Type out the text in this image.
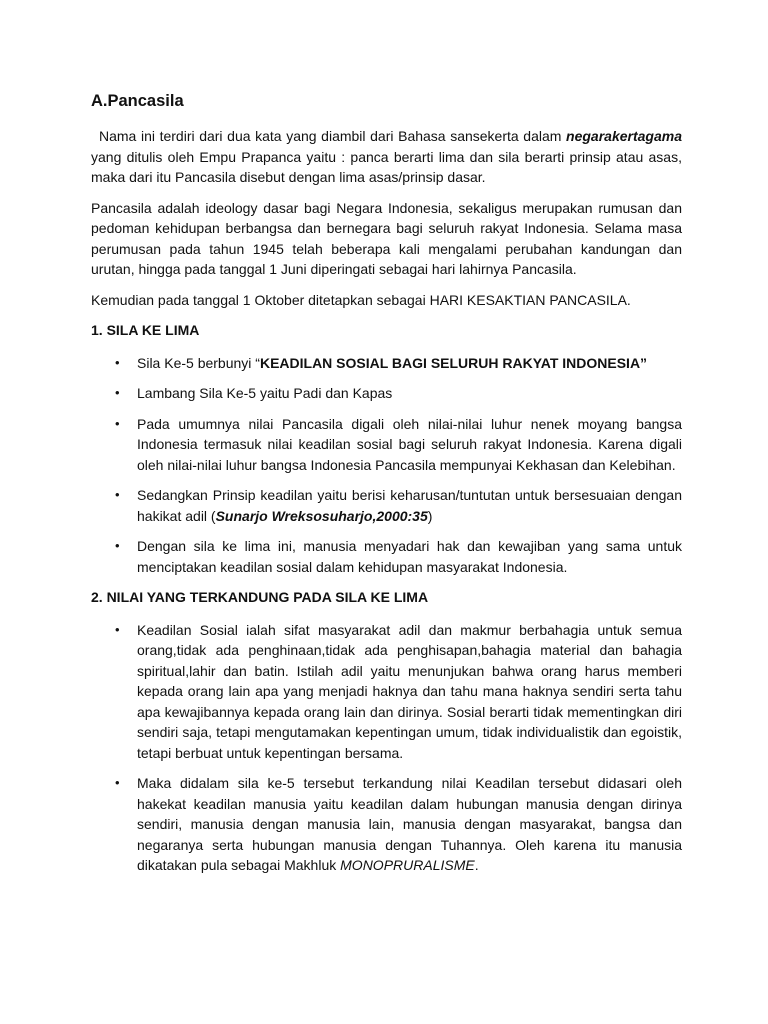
A.Pancasila

Nama ini terdiri dari dua kata yang diambil dari Bahasa sansekerta dalam negarakertagama yang ditulis oleh Empu Prapanca yaitu : panca berarti lima dan sila berarti prinsip atau asas, maka dari itu Pancasila disebut dengan lima asas/prinsip dasar.

Pancasila adalah ideology dasar bagi Negara Indonesia, sekaligus merupakan rumusan dan pedoman kehidupan berbangsa dan bernegara bagi seluruh rakyat Indonesia. Selama masa perumusan pada tahun 1945 telah beberapa kali mengalami perubahan kandungan dan urutan, hingga pada tanggal 1 Juni diperingati sebagai hari lahirnya Pancasila.

Kemudian pada tanggal 1 Oktober ditetapkan sebagai HARI KESAKTIAN PANCASILA.

1. SILA KE LIMA
• Sila Ke-5 berbunyi “KEADILAN SOSIAL BAGI SELURUH RAKYAT INDONESIA”
• Lambang Sila Ke-5 yaitu Padi dan Kapas
• Pada umumnya nilai Pancasila digali oleh nilai-nilai luhur nenek moyang bangsa Indonesia termasuk nilai keadilan sosial bagi seluruh rakyat Indonesia. Karena digali oleh nilai-nilai luhur bangsa Indonesia Pancasila mempunyai Kekhasan dan Kelebihan.
• Sedangkan Prinsip keadilan yaitu berisi keharusan/tuntutan untuk bersesuaian dengan hakikat adil (Sunarjo Wreksosuharjo,2000:35)
• Dengan sila ke lima ini, manusia menyadari hak dan kewajiban yang sama untuk menciptakan keadilan sosial dalam kehidupan masyarakat Indonesia.
2. NILAI YANG TERKANDUNG PADA SILA KE LIMA
• Keadilan Sosial ialah sifat masyarakat adil dan makmur berbahagia untuk semua orang,tidak ada penghinaan,tidak ada penghisapan,bahagia material dan bahagia spiritual,lahir dan batin. Istilah adil yaitu menunjukan bahwa orang harus memberi kepada orang lain apa yang menjadi haknya dan tahu mana haknya sendiri serta tahu apa kewajibannya kepada orang lain dan dirinya. Sosial berarti tidak mementingkan diri sendiri saja, tetapi mengutamakan kepentingan umum, tidak individualistik dan egoistik, tetapi berbuat untuk kepentingan bersama.
• Maka didalam sila ke-5 tersebut terkandung nilai Keadilan tersebut didasari oleh hakekat keadilan manusia yaitu keadilan dalam hubungan manusia dengan dirinya sendiri, manusia dengan manusia lain, manusia dengan masyarakat, bangsa dan negaranya serta hubungan manusia dengan Tuhannya. Oleh karena itu manusia dikatakan pula sebagai Makhluk MONOPRURALISME.
